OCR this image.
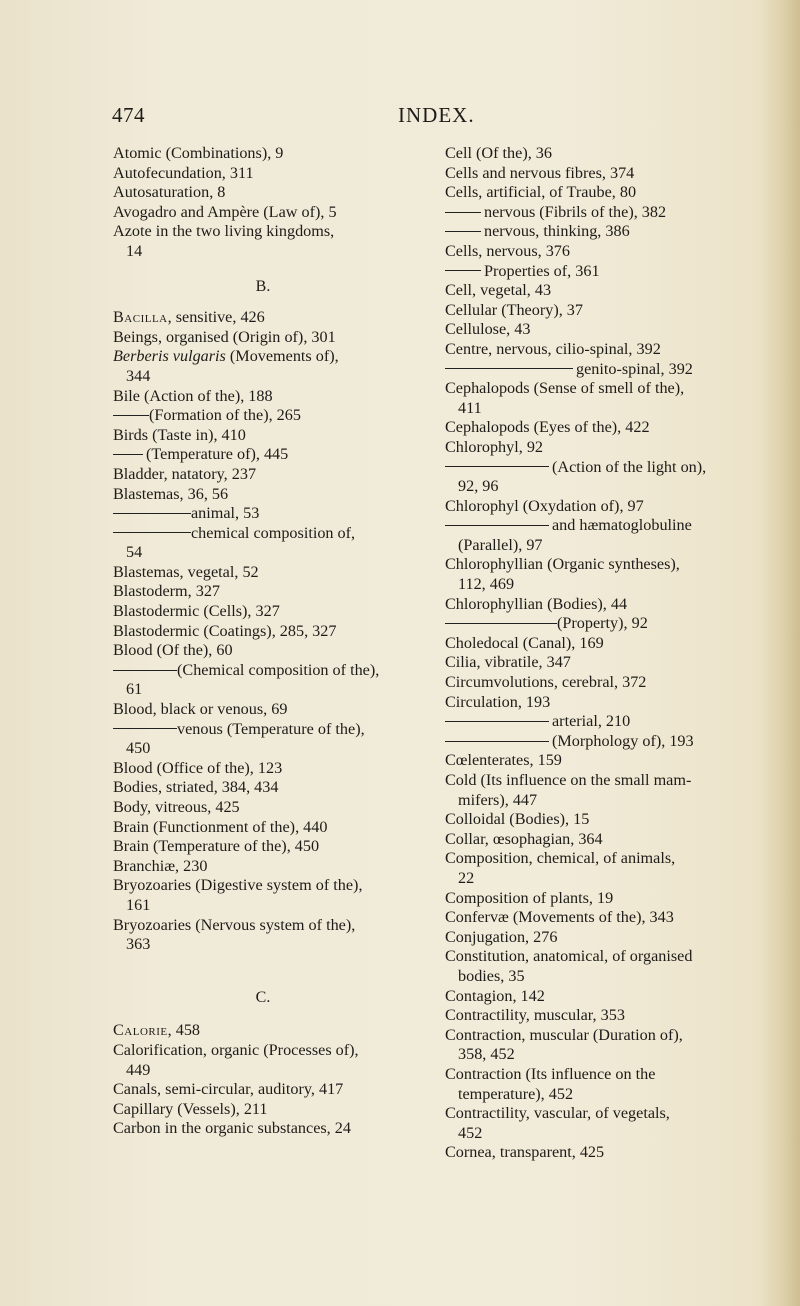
474	INDEX.

Atomic (Combinations), 9

Autofecundation, 311

Autosaturation, 8

Avogadro and Ampère (Law of), 5

Azote in the two living kingdoms,
14

B.

Bacilla, sensitive, 426

Beings, organised (Origin of), 301

Berberis vulgaris (Movements of),
344

Bile (Action of the), 188

(Formation of the), 265

Birds (Taste in), 410

(Temperature of), 445

Bladder, natatory, 237

Blastemas, 36, 56

animal, 53

chemical composition of,
54

Blastemas, vegetal, 52

Blastoderm, 327

Blastodermic (Cells), 327

Blastodermic (Coatings), 285, 327

Blood (Of the), 60

(Chemical composition of the),
61

Blood, black or venous, 69

venous (Temperature of the),
450

Blood (Office of the), 123

Bodies, striated, 384, 434

Body, vitreous, 425

Brain (Functionment of the), 440

Brain (Temperature of the), 450

Branchiæ, 230

Bryozoaries (Digestive system of the),
161

Bryozoaries (Nervous system of the),
363

C.

Calorie, 458

Calorification, organic (Processes of),
449

Canals, semi-circular, auditory, 417

Capillary (Vessels), 211

Carbon in the organic substances, 24

Cell (Of the), 36

Cells and nervous fibres, 374

Cells, artificial, of Traube, 80

nervous (Fibrils of the), 382

nervous, thinking, 386

Cells, nervous, 376

Properties of, 361

Cell, vegetal, 43

Cellular (Theory), 37

Cellulose, 43

Centre, nervous, cilio-spinal, 392

genito-spinal, 392

Cephalopods (Sense of smell of the),
411

Cephalopods (Eyes of the), 422

Chlorophyl, 92

(Action of the light on),
92, 96

Chlorophyl (Oxydation of), 97

and hæmatoglobuline
(Parallel), 97

Chlorophyllian (Organic syntheses),
112, 469

Chlorophyllian (Bodies), 44

(Property), 92

Choledocal (Canal), 169

Cilia, vibratile, 347

Circumvolutions, cerebral, 372

Circulation, 193

arterial, 210

(Morphology of), 193

Cœlenterates, 159

Cold (Its influence on the small mam-
mifers), 447

Colloidal (Bodies), 15

Collar, œsophagian, 364

Composition, chemical, of animals,
22

Composition of plants, 19

Confervæ (Movements of the), 343

Conjugation, 276

Constitution, anatomical, of organised
bodies, 35

Contagion, 142

Contractility, muscular, 353

Contraction, muscular (Duration of),
358, 452

Contraction (Its influence on the
temperature), 452

Contractility, vascular, of vegetals,
452

Cornea, transparent, 425
